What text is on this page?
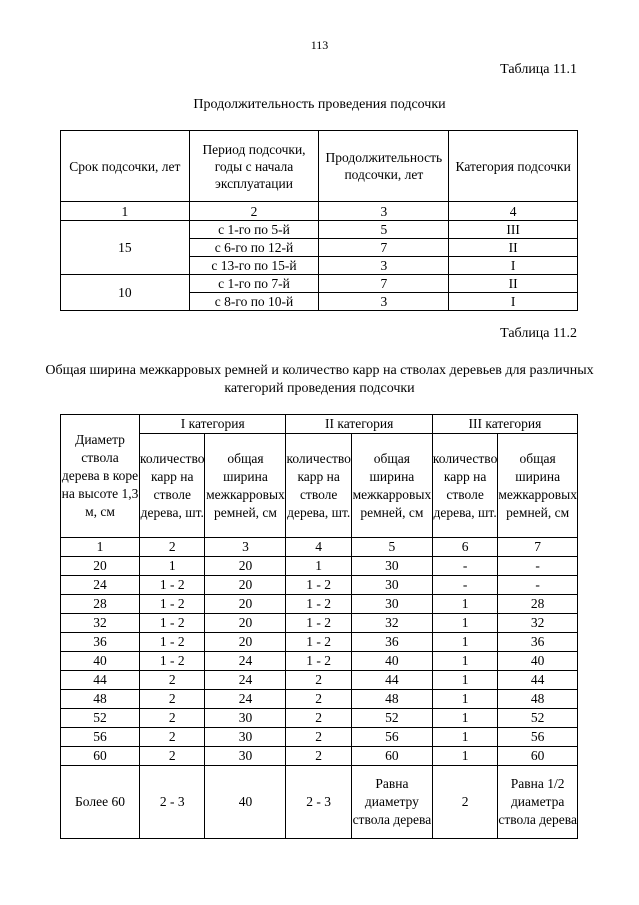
113
Таблица 11.1
Продолжительность проведения подсочки
Срок подсочки, лет	Период подсочки, годы с начала эксплуатации	Продолжительность подсочки, лет	Категория подсочки
1	2	3	4
15	с 1-го по 5-й	5	III
	с 6-го по 12-й	7	II
	с 13-го по 15-й	3	I
10	с 1-го по 7-й	7	II
	с 8-го по 10-й	3	I
Таблица 11.2
Общая ширина межкарровых ремней и количество карр на стволах деревьев для различных категорий проведения подсочки
Диаметр ствола дерева в коре на высоте 1,3 м, см	I категория		II категория		III категория	
	количество карр на стволе дерева, шт.	общая ширина межкарровых ремней, см	количество карр на стволе дерева, шт.	общая ширина межкарровых ремней, см	количество карр на стволе дерева, шт.	общая ширина межкарровых ремней, см
1	2	3	4	5	6	7
20	1	20	1	30	-	-
24	1 - 2	20	1 - 2	30	-	-
28	1 - 2	20	1 - 2	30	1	28
32	1 - 2	20	1 - 2	32	1	32
36	1 - 2	20	1 - 2	36	1	36
40	1 - 2	24	1 - 2	40	1	40
44	2	24	2	44	1	44
48	2	24	2	48	1	48
52	2	30	2	52	1	52
56	2	30	2	56	1	56
60	2	30	2	60	1	60
Более 60	2 - 3	40	2 - 3	Равна диаметру ствола дерева	2	Равна 1/2 диаметра ствола дерева
